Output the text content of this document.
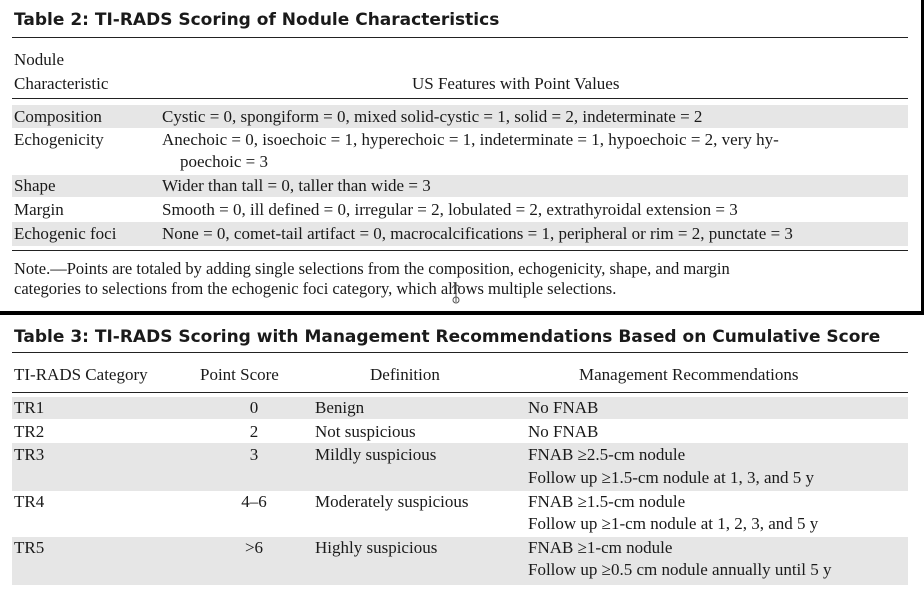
Table 2: TI-RADS Scoring of Nodule Characteristics
Nodule
Characteristic	US Features with Point Values
Composition	Cystic = 0, spongiform = 0, mixed solid-cystic = 1, solid = 2, indeterminate = 2
Echogenicity	Anechoic = 0, isoechoic = 1, hyperechoic = 1, indeterminate = 1, hypoechoic = 2, very hy-
poechoic = 3
Shape	Wider than tall = 0, taller than wide = 3
Margin	Smooth = 0, ill defined = 0, irregular = 2, lobulated = 2, extrathyroidal extension = 3
Echogenic foci	None = 0, comet-tail artifact = 0, macrocalcifications = 1, peripheral or rim = 2, punctate = 3
Note.—Points are totaled by adding single selections from the composition, echogenicity, shape, and margin
categories to selections from the echogenic foci category, which allows multiple selections.
Table 3: TI-RADS Scoring with Management Recommendations Based on Cumulative Score
TI-RADS Category	Point Score	Definition	Management Recommendations
TR1	0	Benign	No FNAB
TR2	2	Not suspicious	No FNAB
TR3	3	Mildly suspicious	FNAB ≥2.5-cm nodule
Follow up ≥1.5-cm nodule at 1, 3, and 5 y
TR4	4–6	Moderately suspicious	FNAB ≥1.5-cm nodule
Follow up ≥1-cm nodule at 1, 2, 3, and 5 y
TR5	>6	Highly suspicious	FNAB ≥1-cm nodule
Follow up ≥0.5 cm nodule annually until 5 y
